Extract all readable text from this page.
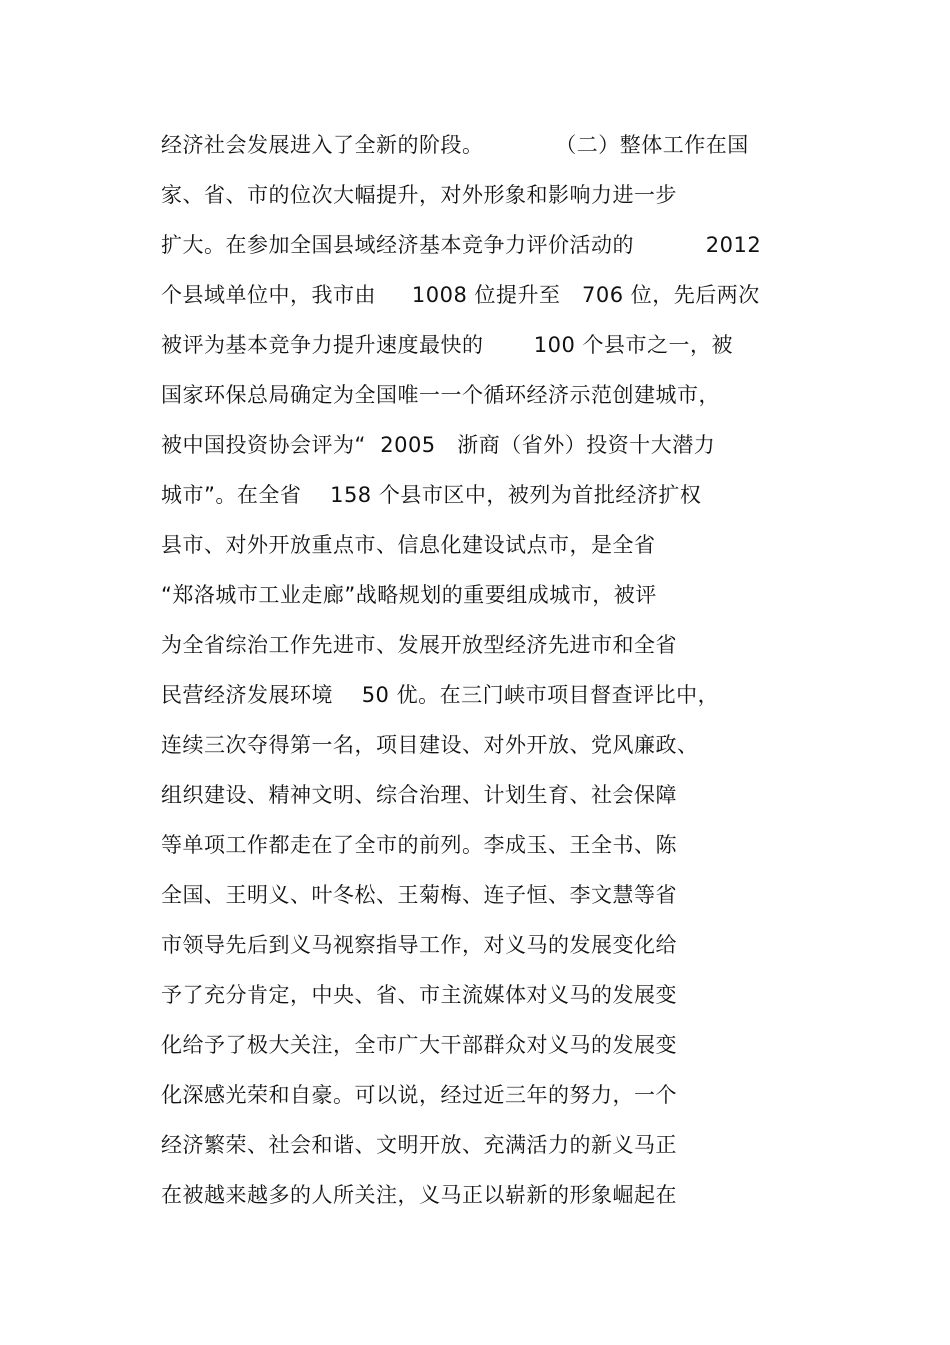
经济社会发展进入了全新的阶段。          （二）整体工作在国
家、省、市的位次大幅提升，对外形象和影响力进一步
扩大。在参加全国县域经济基本竞争力评价活动的          2012
个县域单位中，我市由     1008 位提升至   706 位，先后两次
被评为基本竞争力提升速度最快的       100 个县市之一，被
国家环保总局确定为全国唯一一个循环经济示范创建城市，
被中国投资协会评为“  2005   浙商（省外）投资十大潜力
城市”。在全省    158 个县市区中，被列为首批经济扩权
县市、对外开放重点市、信息化建设试点市，是全省
“郑洛城市工业走廊”战略规划的重要组成城市，被评
为全省综治工作先进市、发展开放型经济先进市和全省
民营经济发展环境    50 优。在三门峡市项目督查评比中，
连续三次夺得第一名，项目建设、对外开放、党风廉政、
组织建设、精神文明、综合治理、计划生育、社会保障
等单项工作都走在了全市的前列。李成玉、王全书、陈
全国、王明义、叶冬松、王菊梅、连子恒、李文慧等省
市领导先后到义马视察指导工作，对义马的发展变化给
予了充分肯定，中央、省、市主流媒体对义马的发展变
化给予了极大关注，全市广大干部群众对义马的发展变
化深感光荣和自豪。可以说，经过近三年的努力，一个
经济繁荣、社会和谐、文明开放、充满活力的新义马正
在被越来越多的人所关注，义马正以崭新的形象崛起在
